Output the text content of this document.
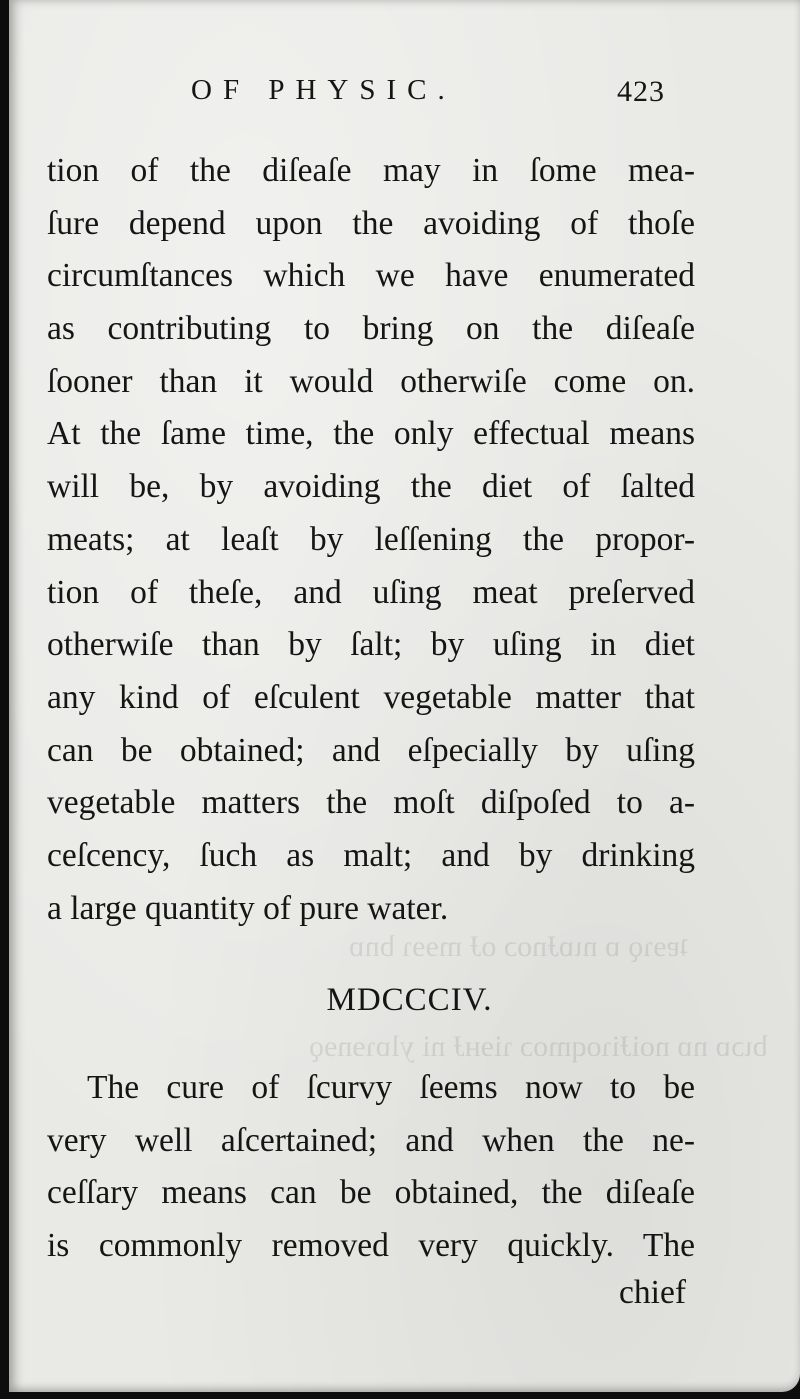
ʇɐɘɿǫ ɒ nɩɒɈnoɔ oɈ mɘɘɿ bnɒ
bɩɔɒ nɒ noiɈiɿoqmoɔ ɿiɘʜɈ ni ylɒɿɘnɘǫ
OF PHYSIC.	423
tion of the diſeaſe may in ſome mea-
ſure depend upon the avoiding of thoſe
circumſtances which we have enumerated
as contributing to bring on the diſeaſe
ſooner than it would otherwiſe come on.
At the ſame time, the only effectual means
will be, by avoiding the diet of ſalted
meats; at leaſt by leſſening the propor-
tion of theſe, and uſing meat preſerved
otherwiſe than by ſalt; by uſing in diet
any kind of eſculent vegetable matter that
can be obtained; and eſpecially by uſing
vegetable matters the moſt diſpoſed to a-
ceſcency, ſuch as malt; and by drinking
a large quantity of pure water.
MDCCCIV.
The cure of ſcurvy ſeems now to be
very well aſcertained; and when the ne-
ceſſary means can be obtained, the diſeaſe
is commonly removed very quickly. The
chief
